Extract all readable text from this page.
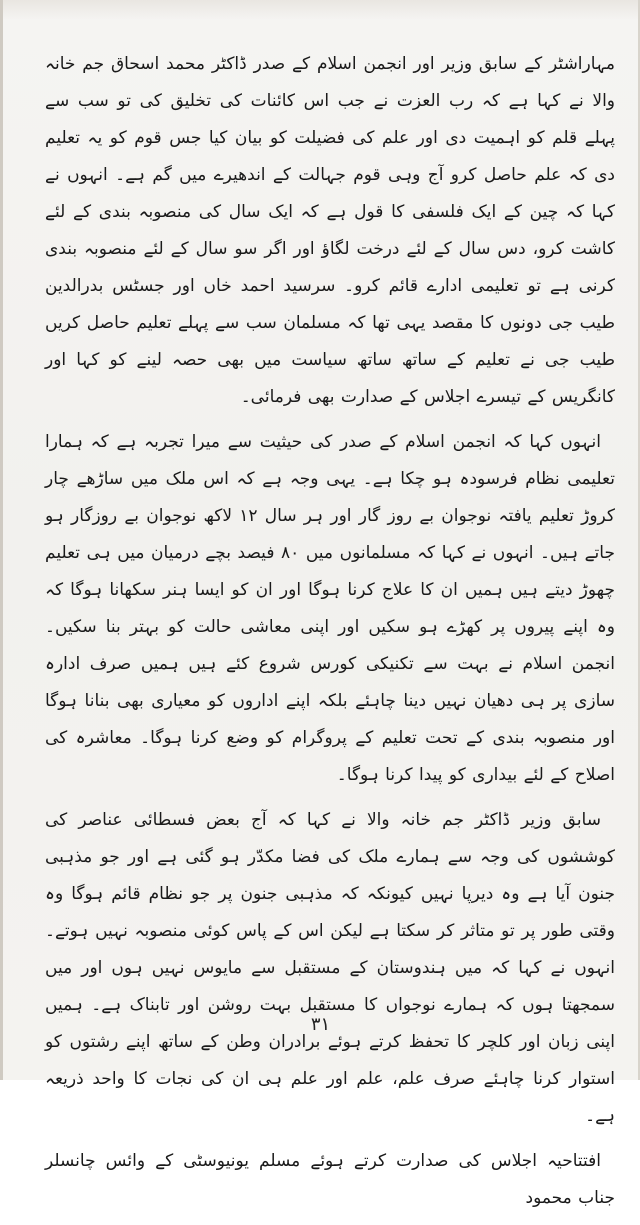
مہاراشٹر کے سابق وزیر اور انجمن اسلام کے صدر ڈاکٹر محمد اسحاق جم خانہ والا نے کہا ہے کہ رب العزت نے جب اس کائنات کی تخلیق کی تو سب سے پہلے قلم کو اہمیت دی اور علم کی فضیلت کو بیان کیا جس قوم کو یہ تعلیم دی کہ علم حاصل کرو آج وہی قوم جہالت کے اندھیرے میں گم ہے۔ انہوں نے کہا کہ چین کے ایک فلسفی کا قول ہے کہ ایک سال کی منصوبہ بندی کے لئے کاشت کرو، دس سال کے لئے درخت لگاؤ اور اگر سو سال کے لئے منصوبہ بندی کرنی ہے تو تعلیمی ادارے قائم کرو۔ سرسید احمد خاں اور جسٹس بدرالدین طیب جی دونوں کا مقصد یہی تھا کہ مسلمان سب سے پہلے تعلیم حاصل کریں طیب جی نے تعلیم کے ساتھ ساتھ سیاست میں بھی حصہ لینے کو کہا اور کانگریس کے تیسرے اجلاس کے صدارت بھی فرمائی۔

انہوں کہا کہ انجمن اسلام کے صدر کی حیثیت سے میرا تجربہ ہے کہ ہمارا تعلیمی نظام فرسودہ ہو چکا ہے۔ یہی وجہ ہے کہ اس ملک میں ساڑھے چار کروڑ تعلیم یافتہ نوجوان بے روز گار اور ہر سال ۱۲ لاکھ نوجوان بے روزگار ہو جاتے ہیں۔ انہوں نے کہا کہ مسلمانوں میں ۸۰ فیصد بچے درمیان میں ہی تعلیم چھوڑ دیتے ہیں ہمیں ان کا علاج کرنا ہوگا اور ان کو ایسا ہنر سکھانا ہوگا کہ وہ اپنے پیروں پر کھڑے ہو سکیں اور اپنی معاشی حالت کو بہتر بنا سکیں۔ انجمن اسلام نے بہت سے تکنیکی کورس شروع کئے ہیں ہمیں صرف ادارہ سازی پر ہی دھیان نہیں دینا چاہئے بلکہ اپنے اداروں کو معیاری بھی بنانا ہوگا اور منصوبہ بندی کے تحت تعلیم کے پروگرام کو وضع کرنا ہوگا۔ معاشرہ کی اصلاح کے لئے بیداری کو پیدا کرنا ہوگا۔

سابق وزیر ڈاکٹر جم خانہ والا نے کہا کہ آج بعض فسطائی عناصر کی کوششوں کی وجہ سے ہمارے ملک کی فضا مکدّر ہو گئی ہے اور جو مذہبی جنون آیا ہے وہ دیرپا نہیں کیونکہ کہ مذہبی جنون پر جو نظام قائم ہوگا وہ وقتی طور پر تو متاثر کر سکتا ہے لیکن اس کے پاس کوئی منصوبہ نہیں ہوتے۔ انہوں نے کہا کہ میں ہندوستان کے مستقبل سے مایوس نہیں ہوں اور میں سمجھتا ہوں کہ ہمارے نوجواں کا مستقبل بہت روشن اور تابناک ہے۔ ہمیں اپنی زبان اور کلچر کا تحفظ کرتے ہوئے برادران وطن کے ساتھ اپنے رشتوں کو استوار کرنا چاہئے صرف علم، علم اور علم ہی ان کی نجات کا واحد ذریعہ ہے۔

افتتاحیہ اجلاس کی صدارت کرتے ہوئے مسلم یونیوسٹی کے وائس چانسلر جناب محمود

۳۱
